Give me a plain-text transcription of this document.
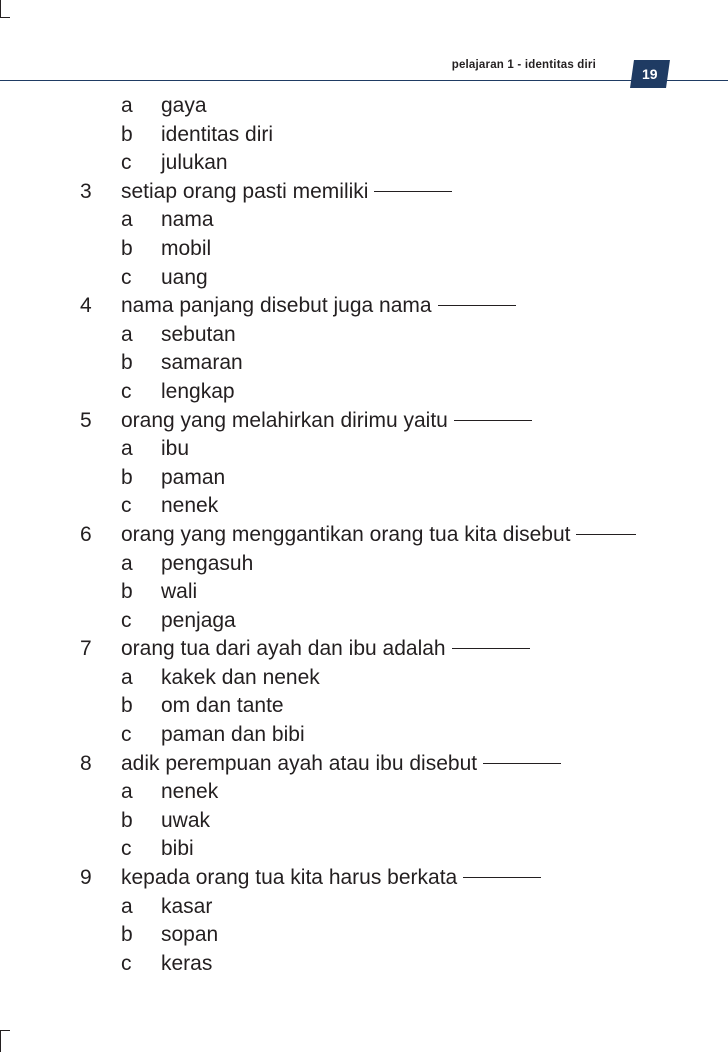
pelajaran 1 - identitas diri
19
a gaya
b identitas diri
c julukan
3 setiap orang pasti memiliki
a nama
b mobil
c uang
4 nama panjang disebut juga nama
a sebutan
b samaran
c lengkap
5 orang yang melahirkan dirimu yaitu
a ibu
b paman
c nenek
6 orang yang menggantikan orang tua kita disebut
a pengasuh
b wali
c penjaga
7 orang tua dari ayah dan ibu adalah
a kakek dan nenek
b om dan tante
c paman dan bibi
8 adik perempuan ayah atau ibu disebut
a nenek
b uwak
c bibi
9 kepada orang tua kita harus berkata
a kasar
b sopan
c keras
